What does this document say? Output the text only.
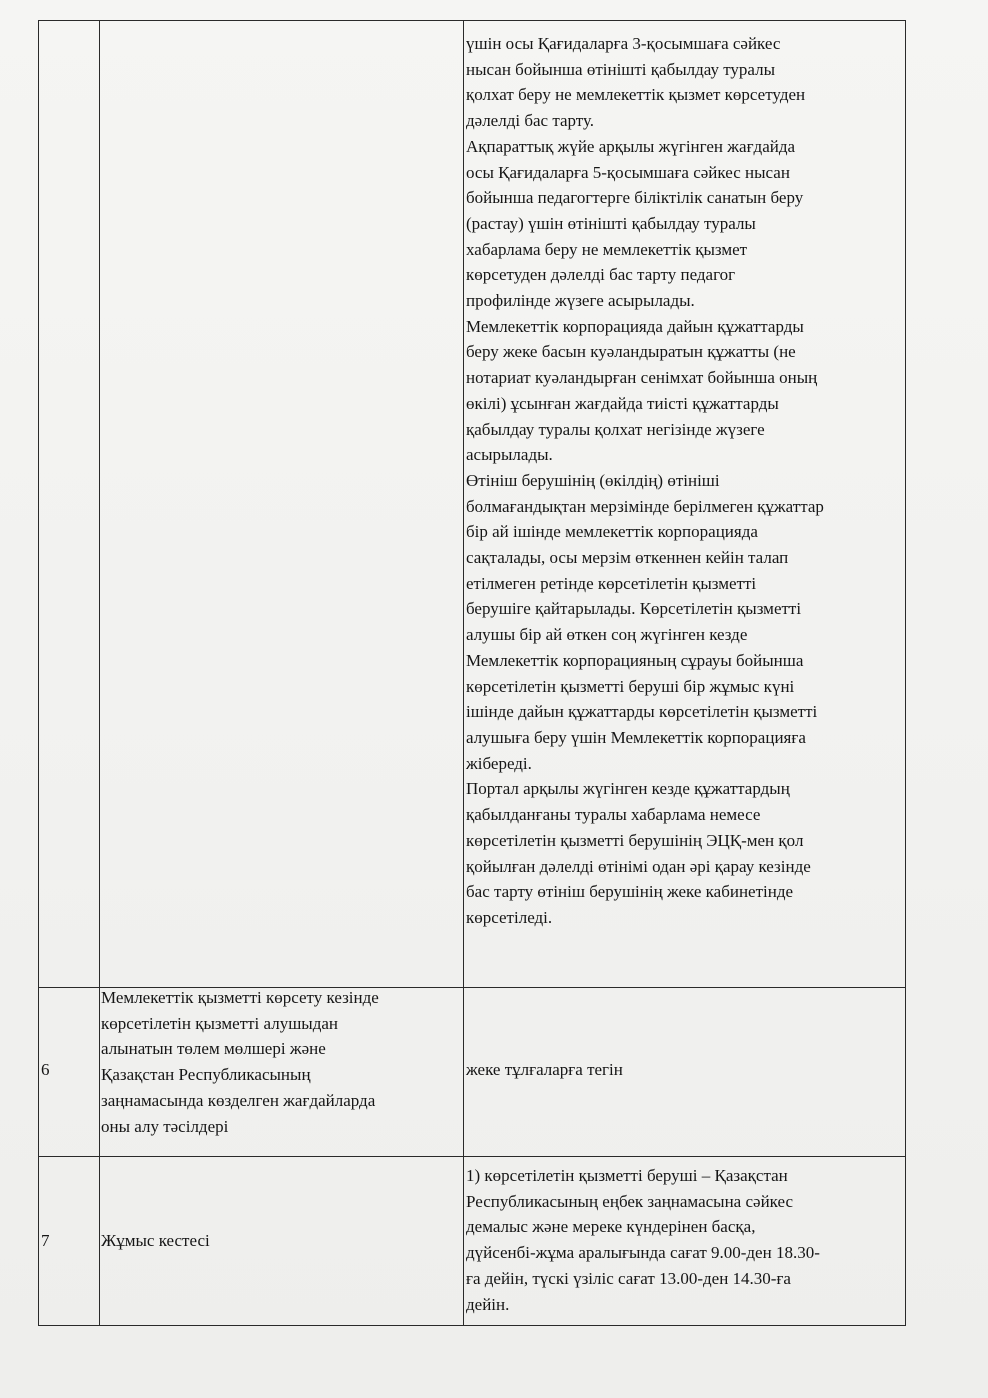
үшін осы Қағидаларға 3-қосымшаға сәйкес
нысан бойынша өтінішті қабылдау туралы
қолхат беру не мемлекеттік қызмет көрсетуден
дәлелді бас тарту.
Ақпараттық жүйе арқылы жүгінген жағдайда
осы Қағидаларға 5-қосымшаға сәйкес нысан
бойынша педагогтерге біліктілік санатын беру
(растау) үшін өтінішті қабылдау туралы
хабарлама беру не мемлекеттік қызмет
көрсетуден дәлелді бас тарту педагог
профилінде жүзеге асырылады.
Мемлекеттік корпорацияда дайын құжаттарды
беру жеке басын куәландыратын құжатты (не
нотариат куәландырған сенімхат бойынша оның
өкілі) ұсынған жағдайда тиісті құжаттарды
қабылдау туралы қолхат негізінде жүзеге
асырылады.
Өтініш берушінің (өкілдің) өтініші
болмағандықтан мерзімінде берілмеген құжаттар
бір ай ішінде мемлекеттік корпорацияда
сақталады, осы мерзім өткеннен кейін талап
етілмеген ретінде көрсетілетін қызметті
берушіге қайтарылады. Көрсетілетін қызметті
алушы бір ай өткен соң жүгінген кезде
Мемлекеттік корпорацияның сұрауы бойынша
көрсетілетін қызметті беруші бір жұмыс күні
ішінде дайын құжаттарды көрсетілетін қызметті
алушыға беру үшін Мемлекеттік корпорацияға
жібереді.
Портал арқылы жүгінген кезде құжаттардың
қабылданғаны туралы хабарлама немесе
көрсетілетін қызметті берушінің ЭЦҚ-мен қол
қойылған дәлелді өтінімі одан әрі қарау кезінде
бас тарту өтініш берушінің жеке кабинетінде
көрсетіледі.

6

Мемлекеттік қызметті көрсету кезінде
көрсетілетін қызметті алушыдан
алынатын төлем мөлшері және
Қазақстан Республикасының
заңнамасында көзделген жағдайларда
оны алу тәсілдері

жеке тұлғаларға тегін

7	Жұмыс кестесі

1) көрсетілетін қызметті беруші – Қазақстан
Республикасының еңбек заңнамасына сәйкес
демалыс және мереке күндерінен басқа,
дүйсенбі-жұма аралығында сағат 9.00-ден 18.30-
ға дейін, түскі үзіліс сағат 13.00-ден 14.30-ға
дейін.
